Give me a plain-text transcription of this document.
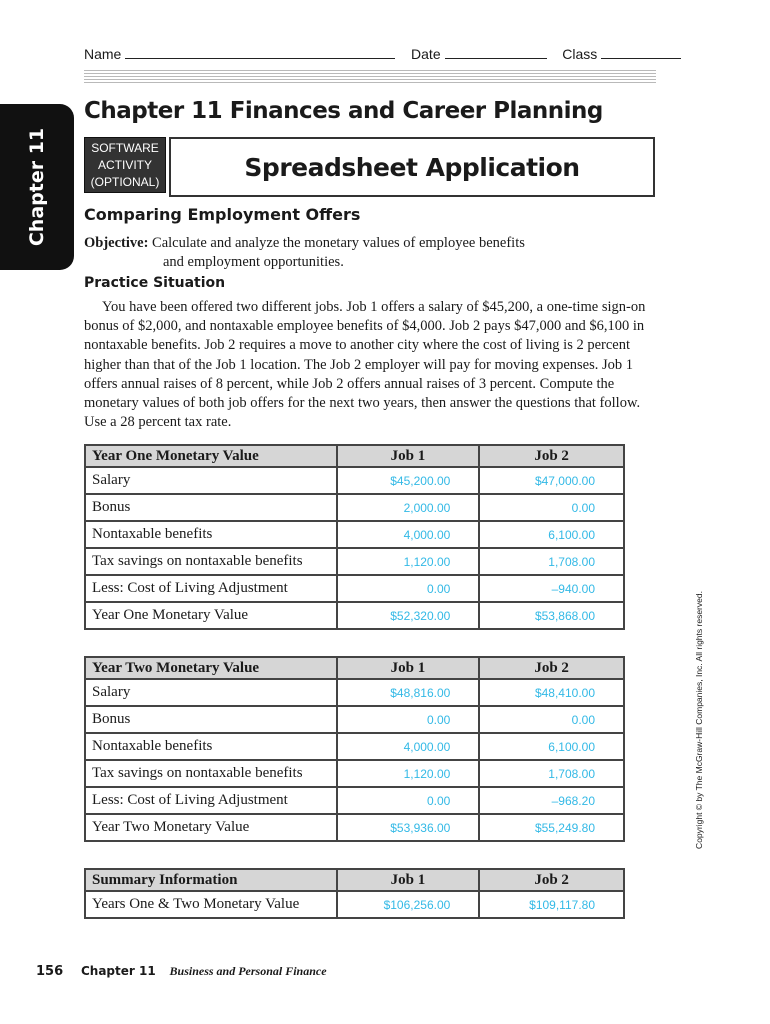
Name	Date	Class
Chapter 11
Chapter 11 Finances and Career Planning
SOFTWARE
ACTIVITY
(OPTIONAL)	Spreadsheet Application
Comparing Employment Offers
Objective: Calculate and analyze the monetary values of employee benefits
and employment opportunities.
Practice Situation
You have been offered two different jobs. Job 1 offers a salary of $45,200, a one-time sign-on bonus of $2,000, and nontaxable employee benefits of $4,000. Job 2 pays $47,000 and $6,100 in nontaxable benefits. Job 2 requires a move to another city where the cost of living is 2 percent higher than that of the Job 1 location. The Job 2 employer will pay for moving expenses. Job 1 offers annual raises of 8 percent, while Job 2 offers annual raises of 3 percent. Compute the monetary values of both job offers for the next two years, then answer the questions that follow. Use a 28 percent tax rate.
Year One Monetary Value	Job 1	Job 2
Salary	$45,200.00	$47,000.00
Bonus	2,000.00	0.00
Nontaxable benefits	4,000.00	6,100.00
Tax savings on nontaxable benefits	1,120.00	1,708.00
Less: Cost of Living Adjustment	0.00	–940.00
Year One Monetary Value	$52,320.00	$53,868.00
Year Two Monetary Value	Job 1	Job 2
Salary	$48,816.00	$48,410.00
Bonus	0.00	0.00
Nontaxable benefits	4,000.00	6,100.00
Tax savings on nontaxable benefits	1,120.00	1,708.00
Less: Cost of Living Adjustment	0.00	–968.20
Year Two Monetary Value	$53,936.00	$55,249.80
Summary Information	Job 1	Job 2
Years One & Two Monetary Value	$106,256.00	$109,117.80
Copyright © by The McGraw-Hill Companies, Inc. All rights reserved.
156 Chapter 11 Business and Personal Finance
